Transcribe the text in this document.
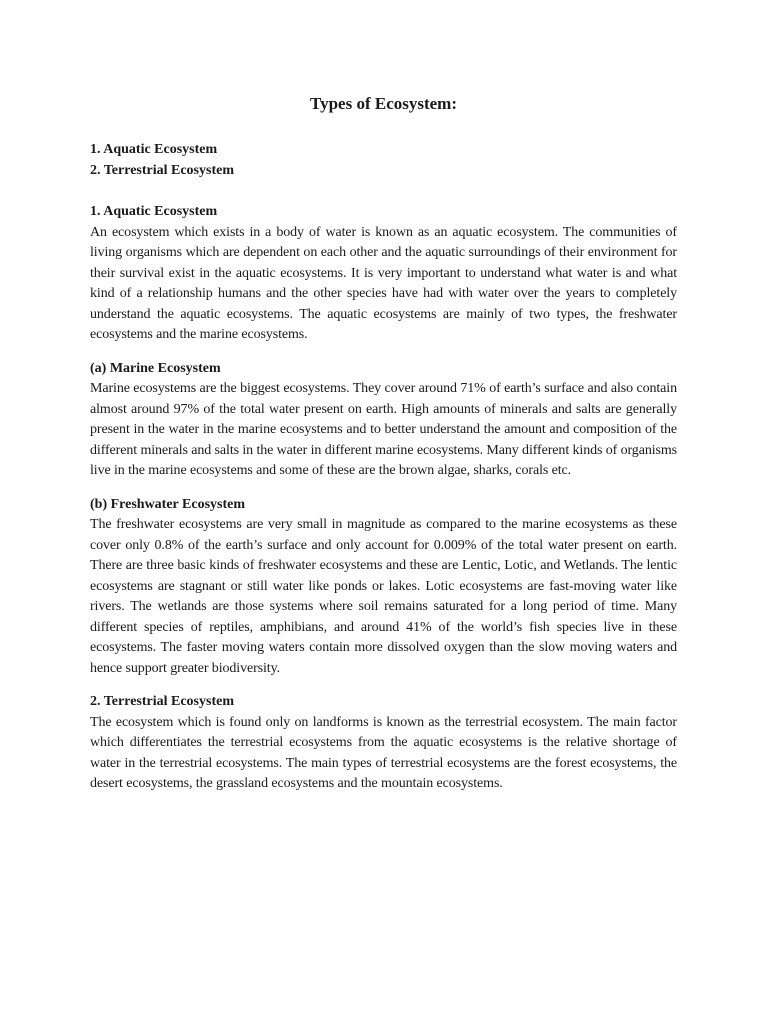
Types of Ecosystem:
1. Aquatic Ecosystem
2. Terrestrial Ecosystem
1. Aquatic Ecosystem

An ecosystem which exists in a body of water is known as an aquatic ecosystem. The communities of living organisms which are dependent on each other and the aquatic surroundings of their environment for their survival exist in the aquatic ecosystems. It is very important to understand what water is and what kind of a relationship humans and the other species have had with water over the years to completely understand the aquatic ecosystems. The aquatic ecosystems are mainly of two types, the freshwater ecosystems and the marine ecosystems.

(a) Marine Ecosystem

Marine ecosystems are the biggest ecosystems. They cover around 71% of earth’s surface and also contain almost around 97% of the total water present on earth. High amounts of minerals and salts are generally present in the water in the marine ecosystems and to better understand the amount and composition of the different minerals and salts in the water in different marine ecosystems. Many different kinds of organisms live in the marine ecosystems and some of these are the brown algae, sharks, corals etc.

(b) Freshwater Ecosystem

The freshwater ecosystems are very small in magnitude as compared to the marine ecosystems as these cover only 0.8% of the earth’s surface and only account for 0.009% of the total water present on earth. There are three basic kinds of freshwater ecosystems and these are Lentic, Lotic, and Wetlands. The lentic ecosystems are stagnant or still water like ponds or lakes. Lotic ecosystems are fast-moving water like rivers. The wetlands are those systems where soil remains saturated for a long period of time. Many different species of reptiles, amphibians, and around 41% of the world’s fish species live in these ecosystems. The faster moving waters contain more dissolved oxygen than the slow moving waters and hence support greater biodiversity.

2. Terrestrial Ecosystem

The ecosystem which is found only on landforms is known as the terrestrial ecosystem. The main factor which differentiates the terrestrial ecosystems from the aquatic ecosystems is the relative shortage of water in the terrestrial ecosystems. The main types of terrestrial ecosystems are the forest ecosystems, the desert ecosystems, the grassland ecosystems and the mountain ecosystems.
